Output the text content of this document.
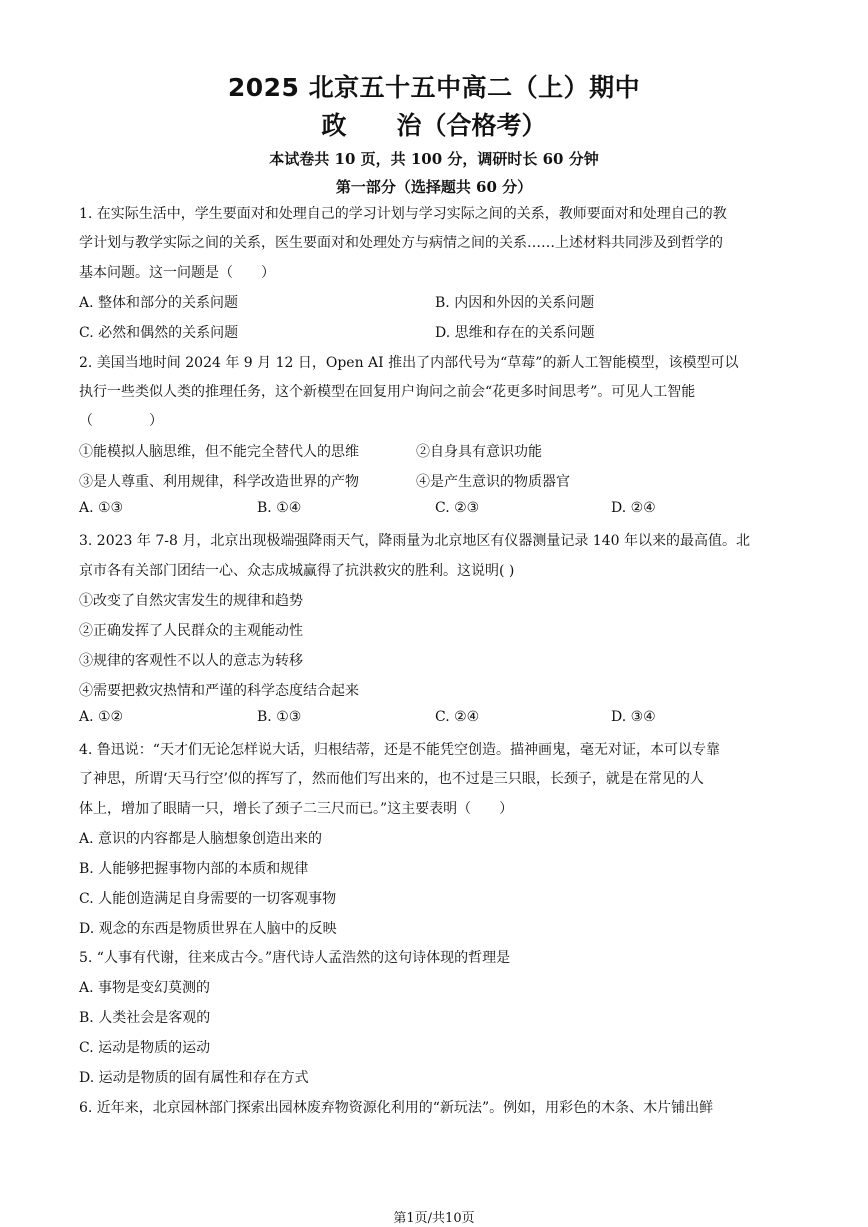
2025 北京五十五中高二（上）期中
政　　治（合格考）
本试卷共 10 页，共 100 分，调研时长 60 分钟
第一部分（选择题共 60 分）
1. 在实际生活中，学生要面对和处理自己的学习计划与学习实际之间的关系，教师要面对和处理自己的教
学计划与教学实际之间的关系，医生要面对和处理处方与病情之间的关系……上述材料共同涉及到哲学的
基本问题。这一问题是（　　）
A. 整体和部分的关系问题	B. 内因和外因的关系问题
C. 必然和偶然的关系问题	D. 思维和存在的关系问题
2. 美国当地时间 2024 年 9 月 12 日，Open AI 推出了内部代号为“草莓”的新人工智能模型，该模型可以
执行一些类似人类的推理任务，这个新模型在回复用户询问之前会“花更多时间思考”。可见人工智能
（　　　　）
①能模拟人脑思维，但不能完全替代人的思维	②自身具有意识功能
③是人尊重、利用规律，科学改造世界的产物	④是产生意识的物质器官
A. ①③	B. ①④	C. ②③	D. ②④
3. 2023 年 7-8 月，北京出现极端强降雨天气，降雨量为北京地区有仪器测量记录 140 年以来的最高值。北
京市各有关部门团结一心、众志成城赢得了抗洪救灾的胜利。这说明( )
①改变了自然灾害发生的规律和趋势
②正确发挥了人民群众的主观能动性
③规律的客观性不以人的意志为转移
④需要把救灾热情和严谨的科学态度结合起来
A. ①②	B. ①③	C. ②④	D. ③④
4. 鲁迅说：“天才们无论怎样说大话，归根结蒂，还是不能凭空创造。描神画鬼，毫无对证，本可以专靠
了神思，所谓‘天马行空’似的挥写了，然而他们写出来的，也不过是三只眼，长颈子，就是在常见的人
体上，增加了眼睛一只，增长了颈子二三尺而已。”这主要表明（　　）
A. 意识的内容都是人脑想象创造出来的
B. 人能够把握事物内部的本质和规律
C. 人能创造满足自身需要的一切客观事物
D. 观念的东西是物质世界在人脑中的反映
5. “人事有代谢，往来成古今。”唐代诗人孟浩然的这句诗体现的哲理是
A. 事物是变幻莫测的
B. 人类社会是客观的
C. 运动是物质的运动
D. 运动是物质的固有属性和存在方式
6. 近年来，北京园林部门探索出园林废弃物资源化利用的“新玩法”。例如，用彩色的木条、木片铺出鲜
第1页/共10页
